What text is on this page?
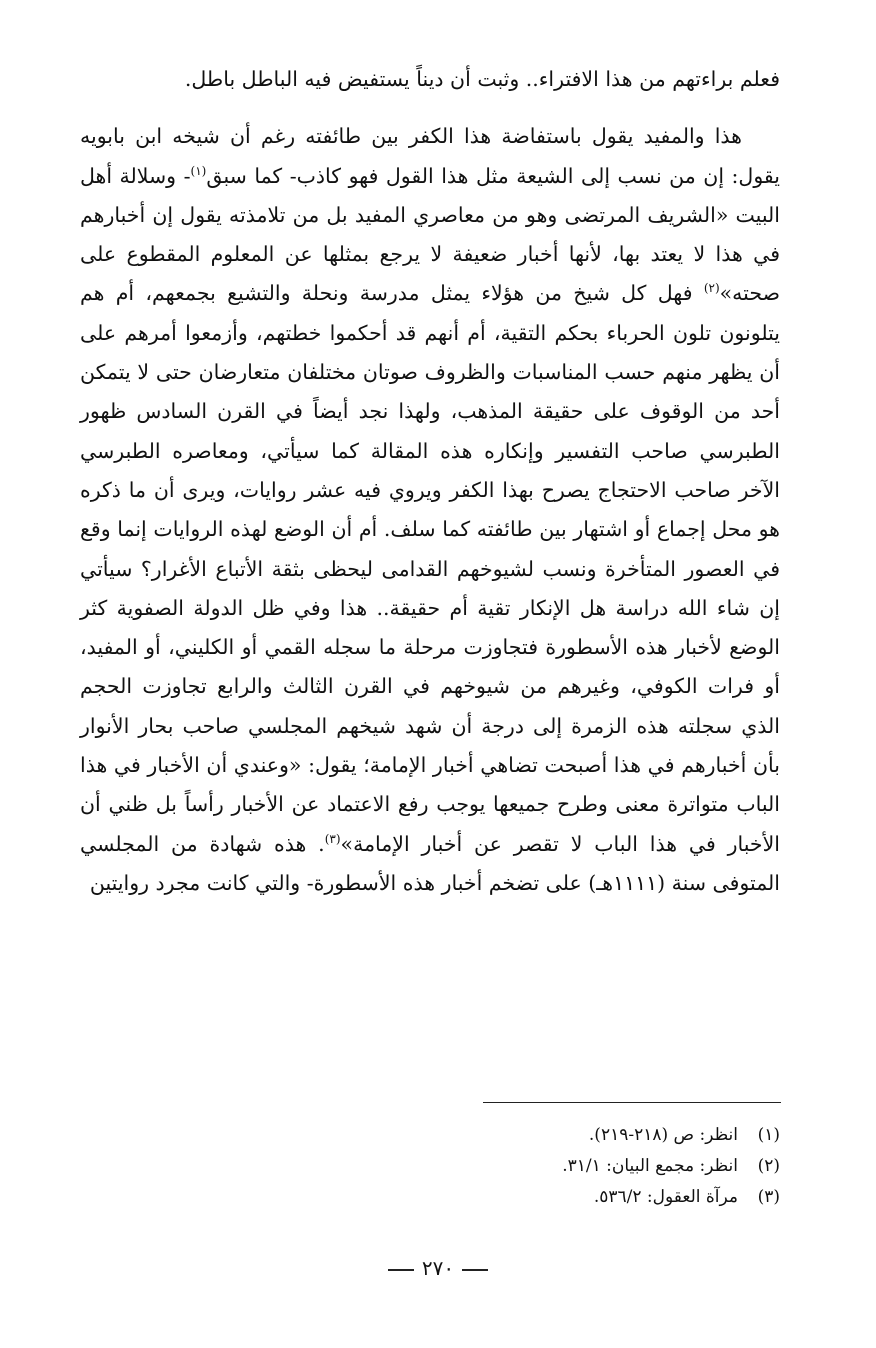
فعلم براءتهم من هذا الافتراء.. وثبت أن ديناً يستفيض فيه الباطل باطل.

هذا والمفيد يقول باستفاضة هذا الكفر بين طائفته رغم أن شيخه ابن بابويه يقول: إن من نسب إلى الشيعة مثل هذا القول فهو كاذب- كما سبق$^{(١)}$- وسلالة أهل البيت «الشريف المرتضى وهو من معاصري المفيد بل من تلامذته يقول إن أخبارهم في هذا لا يعتد بها، لأنها أخبار ضعيفة لا يرجع بمثلها عن المعلوم المقطوع على صحته»$^{(٢)}$ فهل كل شيخ من هؤلاء يمثل مدرسة ونحلة والتشيع بجمعهم، أم هم يتلونون تلون الحرباء بحكم التقية، أم أنهم قد أحكموا خطتهم، وأزمعوا أمرهم على أن يظهر منهم حسب المناسبات والظروف صوتان مختلفان متعارضان حتى لا يتمكن أحد من الوقوف على حقيقة المذهب، ولهذا نجد أيضاً في القرن السادس ظهور الطبرسي صاحب التفسير وإنكاره هذه المقالة كما سيأتي، ومعاصره الطبرسي الآخر صاحب الاحتجاج يصرح بهذا الكفر ويروي فيه عشر روايات، ويرى أن ما ذكره هو محل إجماع أو اشتهار بين طائفته كما سلف. أم أن الوضع لهذه الروايات إنما وقع في العصور المتأخرة ونسب لشيوخهم القدامى ليحظى بثقة الأتباع الأغرار؟ سيأتي إن شاء الله دراسة هل الإنكار تقية أم حقيقة.. هذا وفي ظل الدولة الصفوية كثر الوضع لأخبار هذه الأسطورة فتجاوزت مرحلة ما سجله القمي أو الكليني، أو المفيد، أو فرات الكوفي، وغيرهم من شيوخهم في القرن الثالث والرابع تجاوزت الحجم الذي سجلته هذه الزمرة إلى درجة أن شهد شيخهم المجلسي صاحب بحار الأنوار بأن أخبارهم في هذا أصبحت تضاهي أخبار الإمامة؛ يقول: «وعندي أن الأخبار في هذا الباب متواترة معنى وطرح جميعها يوجب رفع الاعتماد عن الأخبار رأساً بل ظني أن الأخبار في هذا الباب لا تقصر عن أخبار الإمامة»$^{(٣)}$. هذه شهادة من المجلسي المتوفى سنة (١١١١هـ) على تضخم أخبار هذه الأسطورة- والتي كانت مجرد روايتين

(١)انظر: ص (٢١٨-٢١٩).
(٢)انظر: مجمع البيان: ٣١/١.
(٣)مرآة العقول: ٥٣٦/٢.
٢٧٠
